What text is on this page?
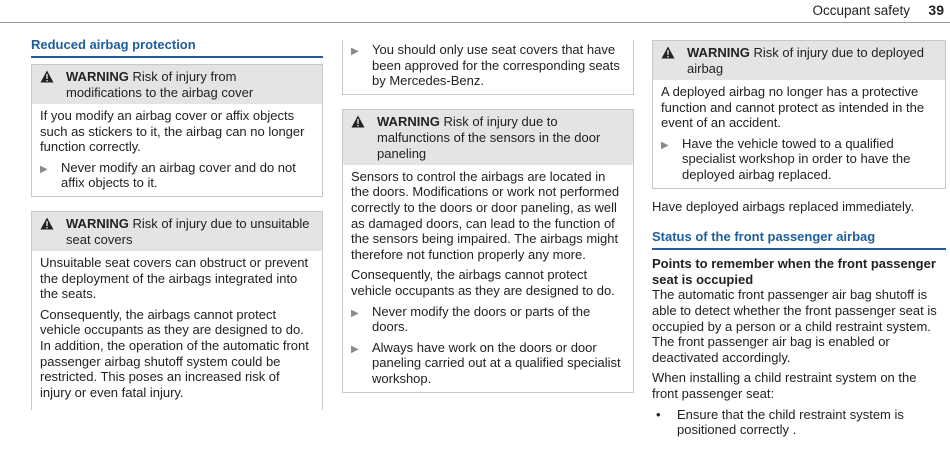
Occupant safety 39
Reduced airbag protection
WARNING Risk of injury from modifications to the airbag cover

If you modify an airbag cover or affix objects such as stickers to it, the airbag can no longer function correctly.

▶	Never modify an airbag cover and do not affix objects to it.
WARNING Risk of injury due to unsuitable seat covers

Unsuitable seat covers can obstruct or prevent the deployment of the airbags integrated into the seats.

Consequently, the airbags cannot protect vehicle occupants as they are designed to do. In addition, the operation of the automatic front passenger airbag shutoff system could be restricted. This poses an increased risk of injury or even fatal injury.

▶	You should only use seat covers that have been approved for the corresponding seats by Mercedes-Benz.
WARNING Risk of injury due to malfunctions of the sensors in the door paneling

Sensors to control the airbags are located in the doors. Modifications or work not performed correctly to the doors or door paneling, as well as damaged doors, can lead to the function of the sensors being impaired. The airbags might therefore not function properly any more.

Consequently, the airbags cannot protect vehicle occupants as they are designed to do.

▶	Never modify the doors or parts of the doors.
▶	Always have work on the doors or door paneling carried out at a qualified specialist workshop.
WARNING Risk of injury due to deployed airbag

A deployed airbag no longer has a protective function and cannot protect as intended in the event of an accident.

▶	Have the vehicle towed to a qualified specialist workshop in order to have the deployed airbag replaced.

Have deployed airbags replaced immediately.

Status of the front passenger airbag
Points to remember when the front passenger seat is occupied

The automatic front passenger air bag shutoff is able to detect whether the front passenger seat is occupied by a person or a child restraint system. The front passenger air bag is enabled or deactivated accordingly.

When installing a child restraint system on the front passenger seat:

•	Ensure that the child restraint system is positioned correctly .
